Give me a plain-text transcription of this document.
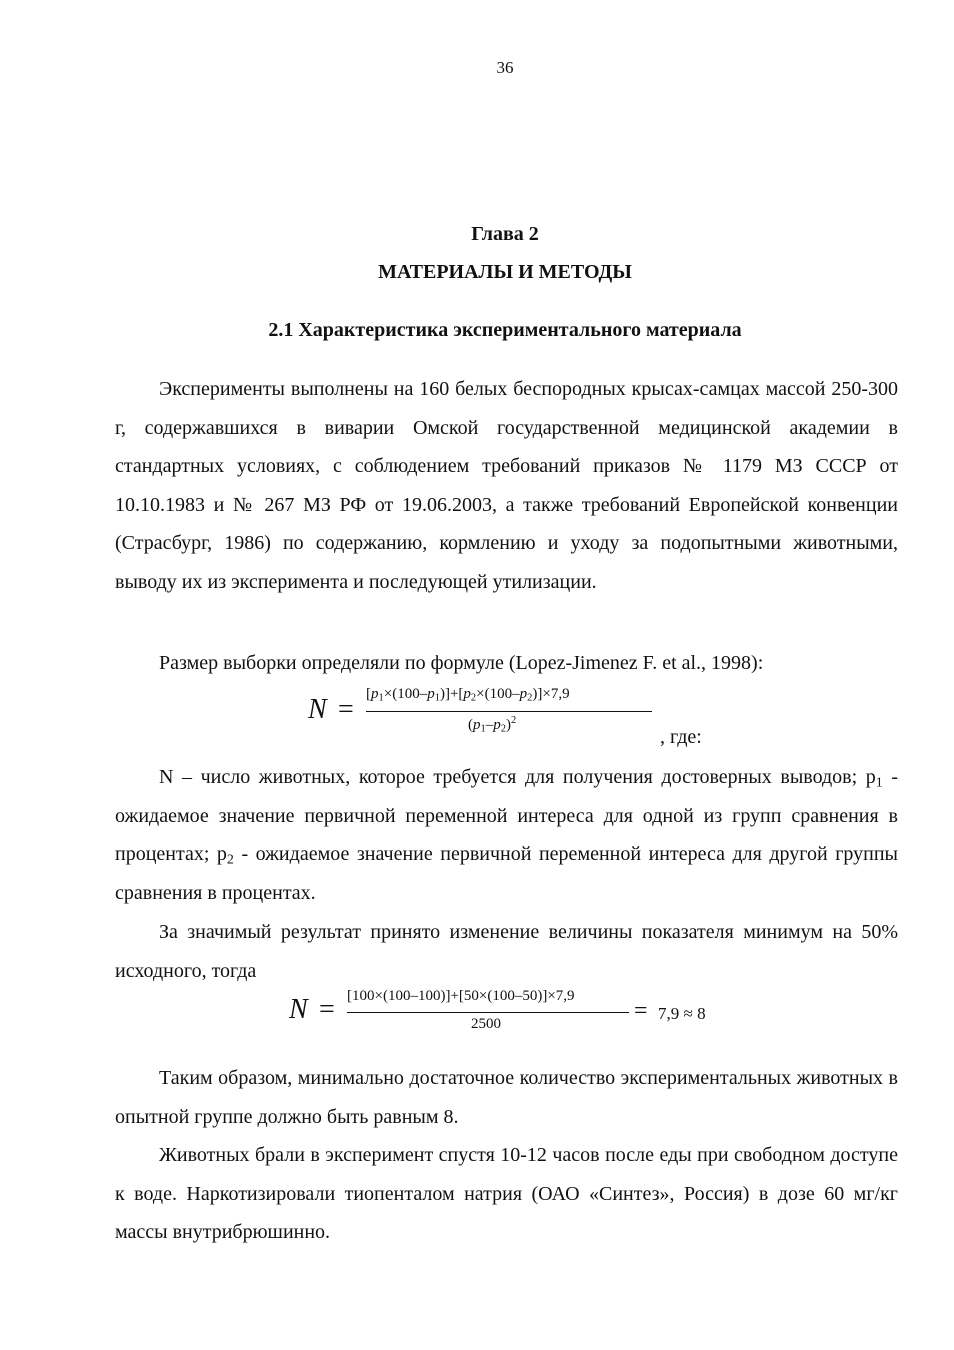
36
Глава 2
МАТЕРИАЛЫ И МЕТОДЫ
2.1 Характеристика экспериментального материала

Эксперименты выполнены на 160 белых беспородных крысах-самцах массой 250-300 г, содержавшихся в виварии Омской государственной медицинской академии в стандартных условиях, с соблюдением требований приказов № 1179 МЗ СССР от 10.10.1983 и № 267 МЗ РФ от 19.06.2003, а также требований Европейской конвенции (Страсбург, 1986) по содержанию, кормлению и уходу за подопытными животными, выводу их из эксперимента и последующей утилизации.

Размер выборки определяли по формуле (Lopez-Jimenez F. et al., 1998):

$N = [p_1\times(100-p_1)]+[p_2\times(100-p_2)]\times 7,9$
$(p_1-p_2)^2$
, где:

N – число животных, которое требуется для получения достоверных выводов; $p_1$ - ожидаемое значение первичной переменной интереса для одной из групп сравнения в процентах; $p_2$ - ожидаемое значение первичной переменной интереса для другой группы сравнения в процентах.

За значимый результат принято изменение величины показателя минимум на 50% исходного, тогда

N = [100×(100–100)]+[50×(100–50)]×7,9
2500	= 7,9 ≈ 8

Таким образом, минимально достаточное количество экспериментальных животных в опытной группе должно быть равным 8.

Животных брали в эксперимент спустя 10-12 часов после еды при свободном доступе к воде. Наркотизировали тиопенталом натрия (ОАО «Синтез», Россия) в дозе 60 мг/кг массы внутрибрюшинно.
